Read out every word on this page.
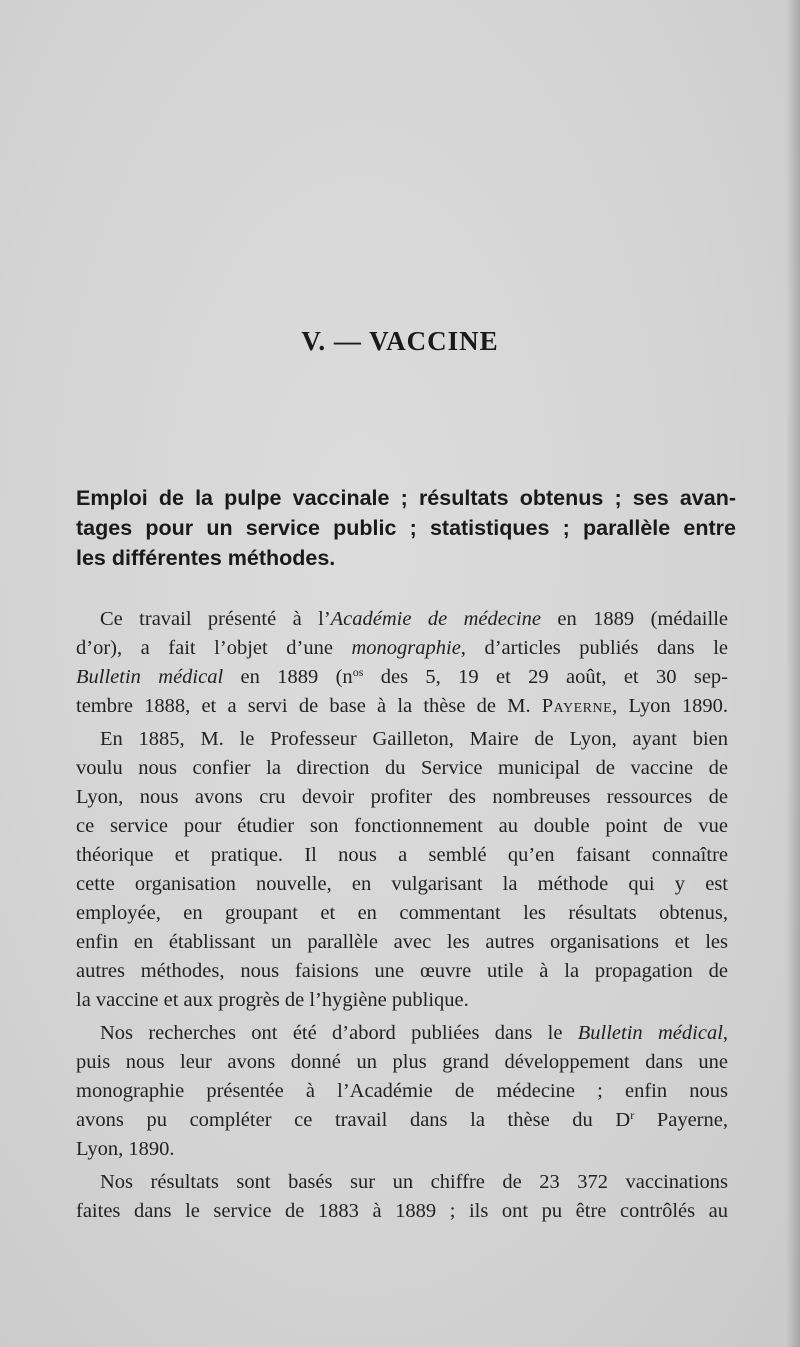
V. — VACCINE
Emploi de la pulpe vaccinale ; résultats obtenus ; ses avan-
tages pour un service public ; statistiques ; parallèle entre
les différentes méthodes.
Ce travail présenté à l’Académie de médecine en 1889 (médaille
d’or), a fait l’objet d’une monographie, d’articles publiés dans le
Bulletin médical en 1889 ($n^{os}$ des 5, 19 et 29 août, et 30 sep-
tembre 1888, et a servi de base à la thèse de M. Payerne, Lyon 1890.
En 1885, M. le Professeur Gailleton, Maire de Lyon, ayant bien
voulu nous confier la direction du Service municipal de vaccine de
Lyon, nous avons cru devoir profiter des nombreuses ressources de
ce service pour étudier son fonctionnement au double point de vue
théorique et pratique. Il nous a semblé qu’en faisant connaître
cette organisation nouvelle, en vulgarisant la méthode qui y est
employée, en groupant et en commentant les résultats obtenus,
enfin en établissant un parallèle avec les autres organisations et les
autres méthodes, nous faisions une œuvre utile à la propagation de
la vaccine et aux progrès de l’hygiène publique.
Nos recherches ont été d’abord publiées dans le Bulletin médical,
puis nous leur avons donné un plus grand développement dans une
monographie présentée à l’Académie de médecine ; enfin nous
avons pu compléter ce travail dans la thèse du $D^r$ Payerne,
Lyon, 1890.
Nos résultats sont basés sur un chiffre de 23 372 vaccinations
faites dans le service de 1883 à 1889 ; ils ont pu être contrôlés au
